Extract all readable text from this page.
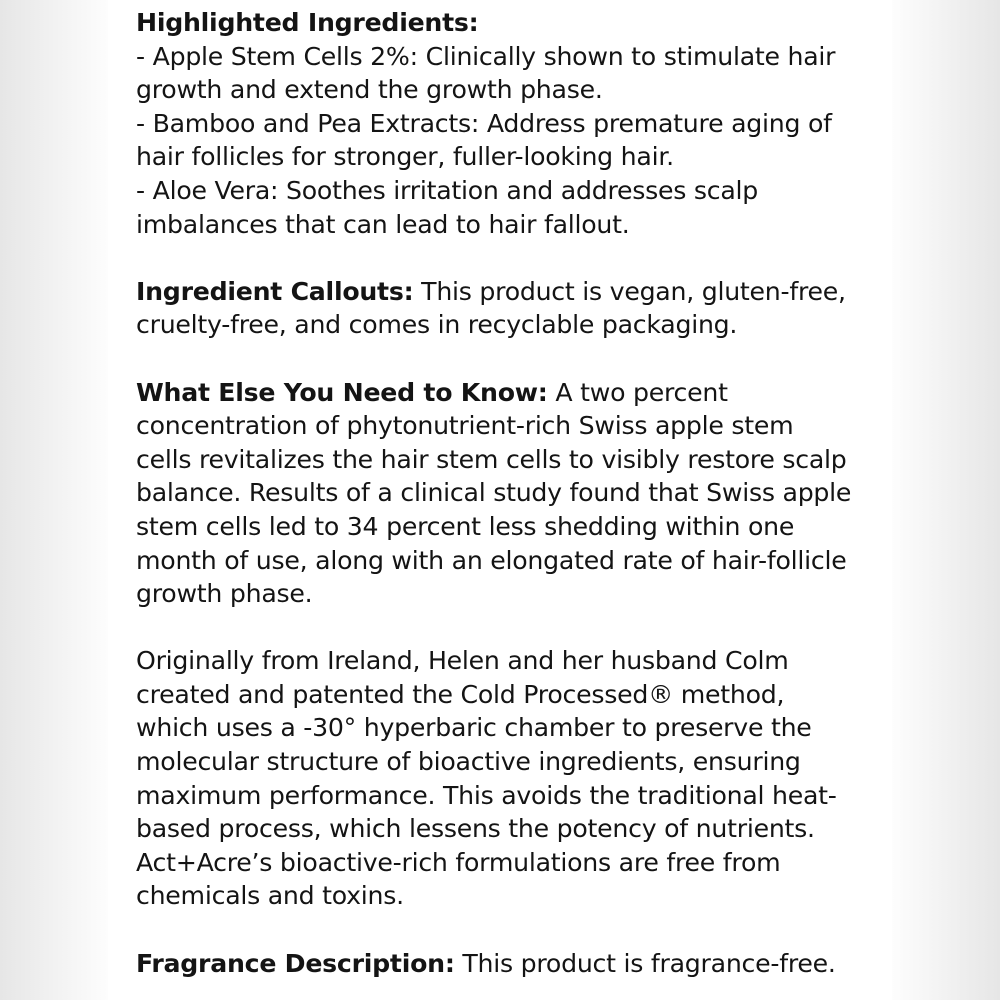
Highlighted Ingredients:
- Apple Stem Cells 2%: Clinically shown to stimulate hair
growth and extend the growth phase.
- Bamboo and Pea Extracts: Address premature aging of
hair follicles for stronger, fuller-looking hair.
- Aloe Vera: Soothes irritation and addresses scalp
imbalances that can lead to hair fallout.
Ingredient Callouts: This product is vegan, gluten-free,
cruelty-free, and comes in recyclable packaging.
What Else You Need to Know: A two percent
concentration of phytonutrient-rich Swiss apple stem
cells revitalizes the hair stem cells to visibly restore scalp
balance. Results of a clinical study found that Swiss apple
stem cells led to 34 percent less shedding within one
month of use, along with an elongated rate of hair-follicle
growth phase.
Originally from Ireland, Helen and her husband Colm
created and patented the Cold Processed® method,
which uses a -30° hyperbaric chamber to preserve the
molecular structure of bioactive ingredients, ensuring
maximum performance. This avoids the traditional heat-
based process, which lessens the potency of nutrients.
Act+Acre’s bioactive-rich formulations are free from
chemicals and toxins.
Fragrance Description: This product is fragrance-free.
